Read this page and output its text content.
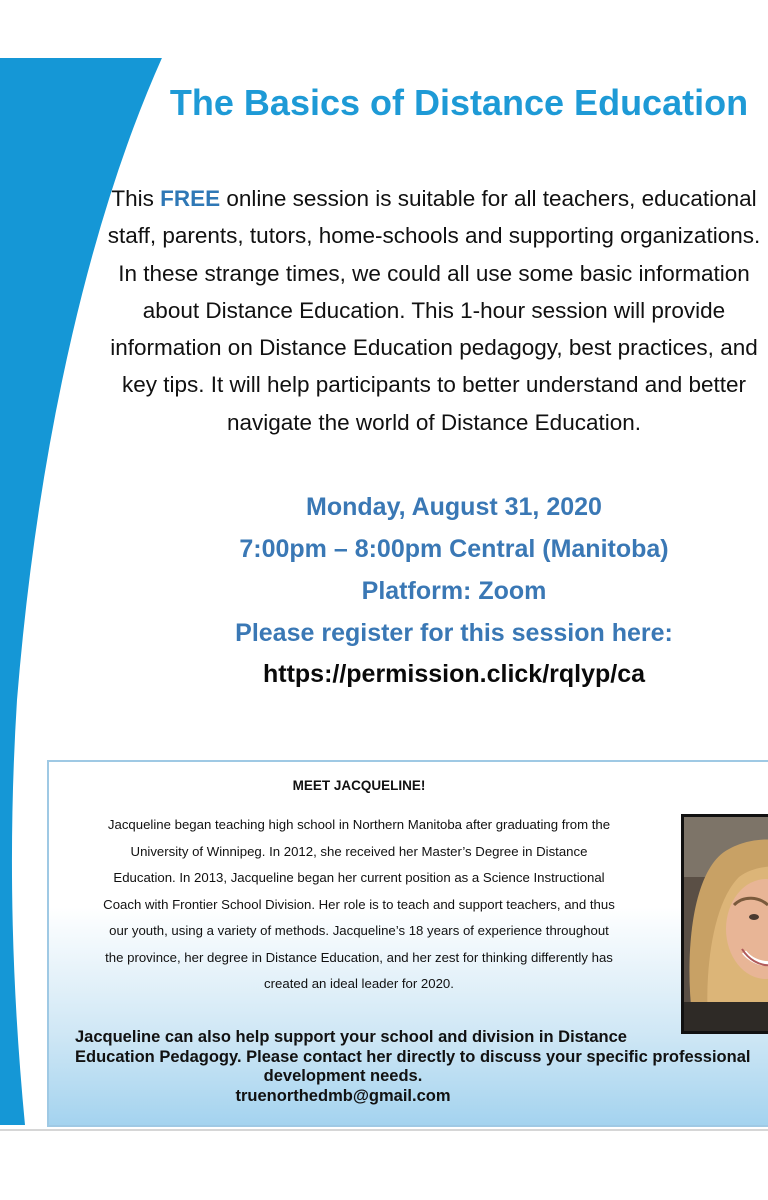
The Basics of Distance Education
This FREE online session is suitable for all teachers, educational
staff, parents, tutors, home-schools and supporting organizations.
In these strange times, we could all use some basic information
about Distance Education. This 1-hour session will provide
information on Distance Education pedagogy, best practices, and
key tips. It will help participants to better understand and better
navigate the world of Distance Education.
Monday, August 31, 2020
7:00pm – 8:00pm Central (Manitoba)
Platform: Zoom
Please register for this session here:
https://permission.click/rqlyp/ca
MEET JACQUELINE!
Jacqueline began teaching high school in Northern Manitoba after graduating from the
University of Winnipeg. In 2012, she received her Master’s Degree in Distance
Education. In 2013, Jacqueline began her current position as a Science Instructional
Coach with Frontier School Division. Her role is to teach and support teachers, and thus
our youth, using a variety of methods. Jacqueline’s 18 years of experience throughout
the province, her degree in Distance Education, and her zest for thinking differently has
created an ideal leader for 2020.
Jacqueline can also help support your school and division in Distance
Education Pedagogy. Please contact her directly to discuss your specific professional
development needs.
truenorthedmb@gmail.com
